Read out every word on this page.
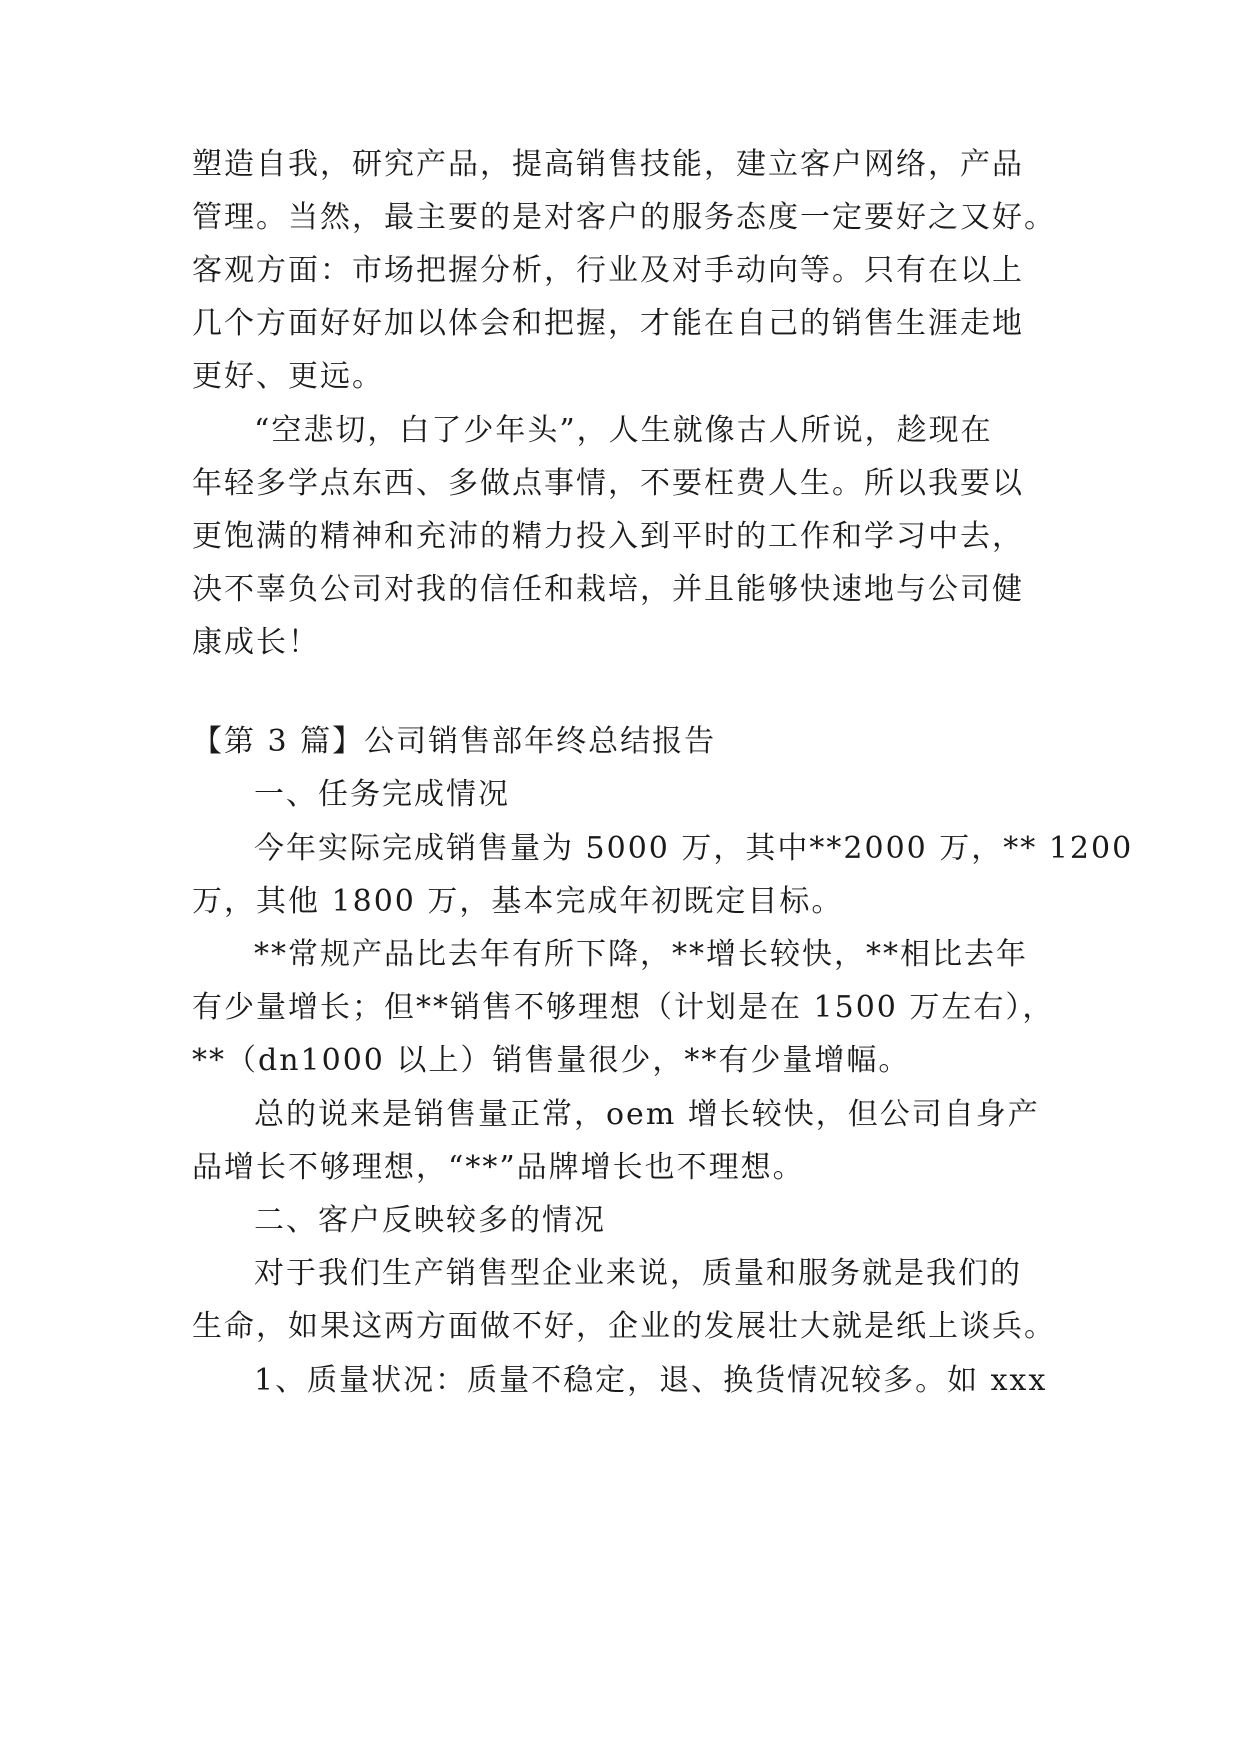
塑造自我，研究产品，提高销售技能，建立客户网络，产品
管理。当然，最主要的是对客户的服务态度一定要好之又好。
客观方面：市场把握分析，行业及对手动向等。只有在以上
几个方面好好加以体会和把握，才能在自己的销售生涯走地
更好、更远。
“空悲切，白了少年头”，人生就像古人所说，趁现在
年轻多学点东西、多做点事情，不要枉费人生。所以我要以
更饱满的精神和充沛的精力投入到平时的工作和学习中去，
决不辜负公司对我的信任和栽培，并且能够快速地与公司健
康成长！
【第 3 篇】公司销售部年终总结报告
一、任务完成情况
今年实际完成销售量为 5000 万，其中**2000 万，** 1200
万，其他 1800 万，基本完成年初既定目标。
**常规产品比去年有所下降，**增长较快，**相比去年
有少量增长；但**销售不够理想（计划是在 1500 万左右），
**（dn1000 以上）销售量很少，**有少量增幅。
总的说来是销售量正常，oem 增长较快，但公司自身产
品增长不够理想，“**”品牌增长也不理想。
二、客户反映较多的情况
对于我们生产销售型企业来说，质量和服务就是我们的
生命，如果这两方面做不好，企业的发展壮大就是纸上谈兵。
1、质量状况：质量不稳定，退、换货情况较多。如 xxx
